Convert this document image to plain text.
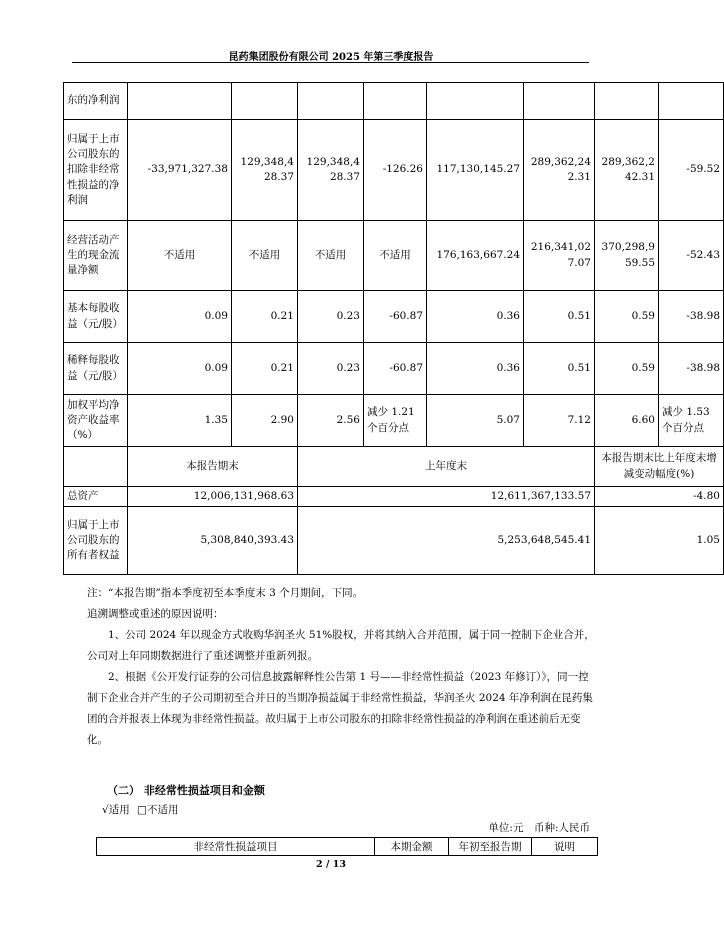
昆药集团股份有限公司 2025 年第三季度报告
东的净利润								
归属于上市公司股东的扣除非经常性损益的净利润	-33,971,327.38	129,348,428.37	129,348,428.37	-126.26	117,130,145.27	289,362,242.31	289,362,242.31	-59.52
经营活动产生的现金流量净额	不适用	不适用	不适用	不适用	176,163,667.24	216,341,027.07	370,298,959.55	-52.43
基本每股收益（元/股）	0.09	0.21	0.23	-60.87	0.36	0.51	0.59	-38.98
稀释每股收益（元/股）	0.09	0.21	0.23	-60.87	0.36	0.51	0.59	-38.98
加权平均净资产收益率（%）	1.35	2.90	2.56	减少 1.21 个百分点	5.07	7.12	6.60	减少 1.53 个百分点
	本报告期末		上年度末				本报告期末比上年度末增减变动幅度(%)	
总资产	12,006,131,968.63		12,611,367,133.57				-4.80	
归属于上市公司股东的所有者权益	5,308,840,393.43		5,253,648,545.41				1.05	

注：“本报告期”指本季度初至本季度末 3 个月期间，下同。

追溯调整或重述的原因说明：

1、公司 2024 年以现金方式收购华润圣火 51%股权，并将其纳入合并范围，属于同一控制下企业合并，公司对上年同期数据进行了重述调整并重新列报。

2、根据《公开发行证券的公司信息披露解释性公告第 1 号——非经常性损益（2023 年修订）》，同一控制下企业合并产生的子公司期初至合并日的当期净损益属于非经常性损益，华润圣火 2024 年净利润在昆药集团的合并报表上体现为非经常性损益。故归属于上市公司股东的扣除非经常性损益的净利润在重述前后无变化。

（二） 非经常性损益项目和金额
√适用 □不适用
单位:元　币种:人民币
非经常性损益项目	本期金额	年初至报告期	说明
2 / 13
